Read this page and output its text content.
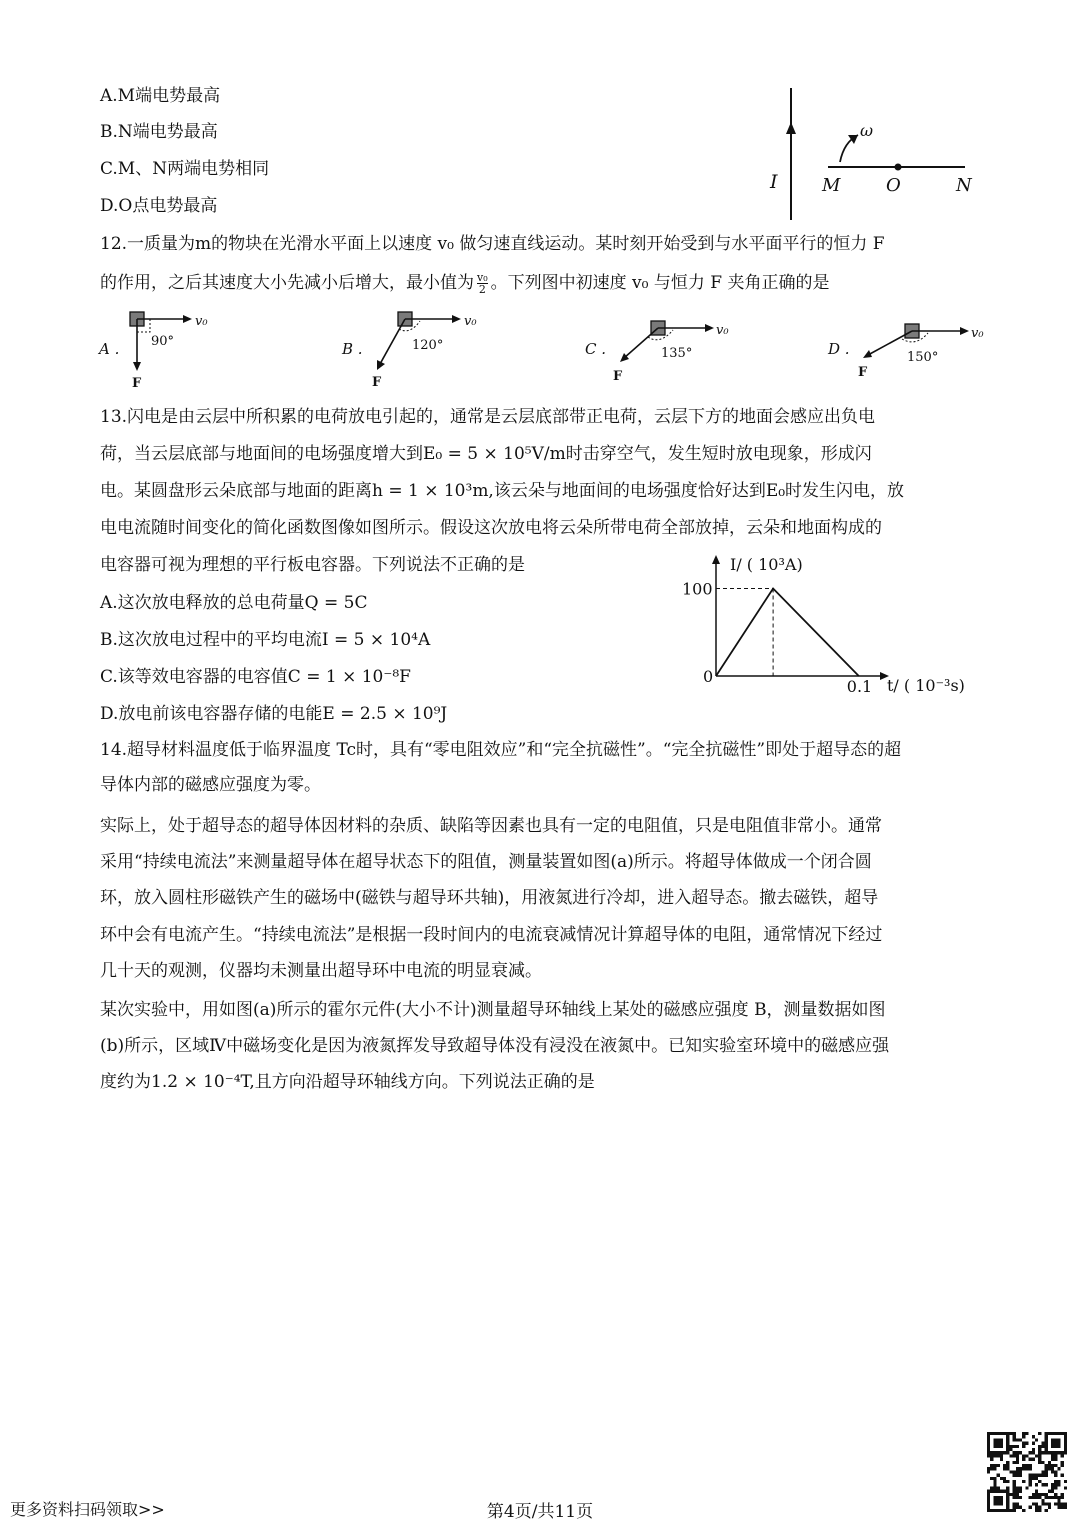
A.M端电势最高
B.N端电势最高
C.M、N两端电势相同
D.O点电势最高
I
ω
M	O	N
12.一质量为m的物块在光滑水平面上以速度 v₀ 做匀速直线运动。某时刻开始受到与水平面平行的恒力 F
的作用，之后其速度大小先减小后增大，最小值为 $\frac{\text{v₀}}{2}$ 。下列图中初速度 v₀ 与恒力 F 夹角正确的是
A .
v₀
F
90°	B .
v₀
F
120°	C .
v₀
F
135°	D .
v₀
F
150°
13.闪电是由云层中所积累的电荷放电引起的，通常是云层底部带正电荷，云层下方的地面会感应出负电
荷，当云层底部与地面间的电场强度增大到E₀ = 5 × 10⁵V/m时击穿空气，发生短时放电现象，形成闪
电。某圆盘形云朵底部与地面的距离h = 1 × 10³m,该云朵与地面间的电场强度恰好达到E₀时发生闪电，放
电电流随时间变化的简化函数图像如图所示。假设这次放电将云朵所带电荷全部放掉，云朵和地面构成的
电容器可视为理想的平行板电容器。下列说法不正确的是
A.这次放电释放的总电荷量Q = 5C
B.这次放电过程中的平均电流I = 5 × 10⁴A
C.该等效电容器的电容值C = 1 × 10⁻⁸F
D.放电前该电容器存储的电能E = 2.5 × 10⁹J
I/ ( 10³A)
t/ ( 10⁻³s)
0
100
0.1
14.超导材料温度低于临界温度 Tc时，具有“零电阻效应”和“完全抗磁性”。“完全抗磁性”即处于超导态的超
导体内部的磁感应强度为零。
实际上，处于超导态的超导体因材料的杂质、缺陷等因素也具有一定的电阻值，只是电阻值非常小。通常
采用“持续电流法”来测量超导体在超导状态下的阻值，测量装置如图(a)所示。将超导体做成一个闭合圆
环，放入圆柱形磁铁产生的磁场中(磁铁与超导环共轴)，用液氮进行冷却，进入超导态。撤去磁铁，超导
环中会有电流产生。“持续电流法”是根据一段时间内的电流衰减情况计算超导体的电阻，通常情况下经过
几十天的观测，仪器均未测量出超导环中电流的明显衰减。
某次实验中，用如图(a)所示的霍尔元件(大小不计)测量超导环轴线上某处的磁感应强度 B，测量数据如图
(b)所示，区域Ⅳ中磁场变化是因为液氮挥发导致超导体没有浸没在液氮中。已知实验室环境中的磁感应强
度约为1.2 × 10⁻⁴T,且方向沿超导环轴线方向。下列说法正确的是
更多资料扫码领取>>	第4页/共11页
